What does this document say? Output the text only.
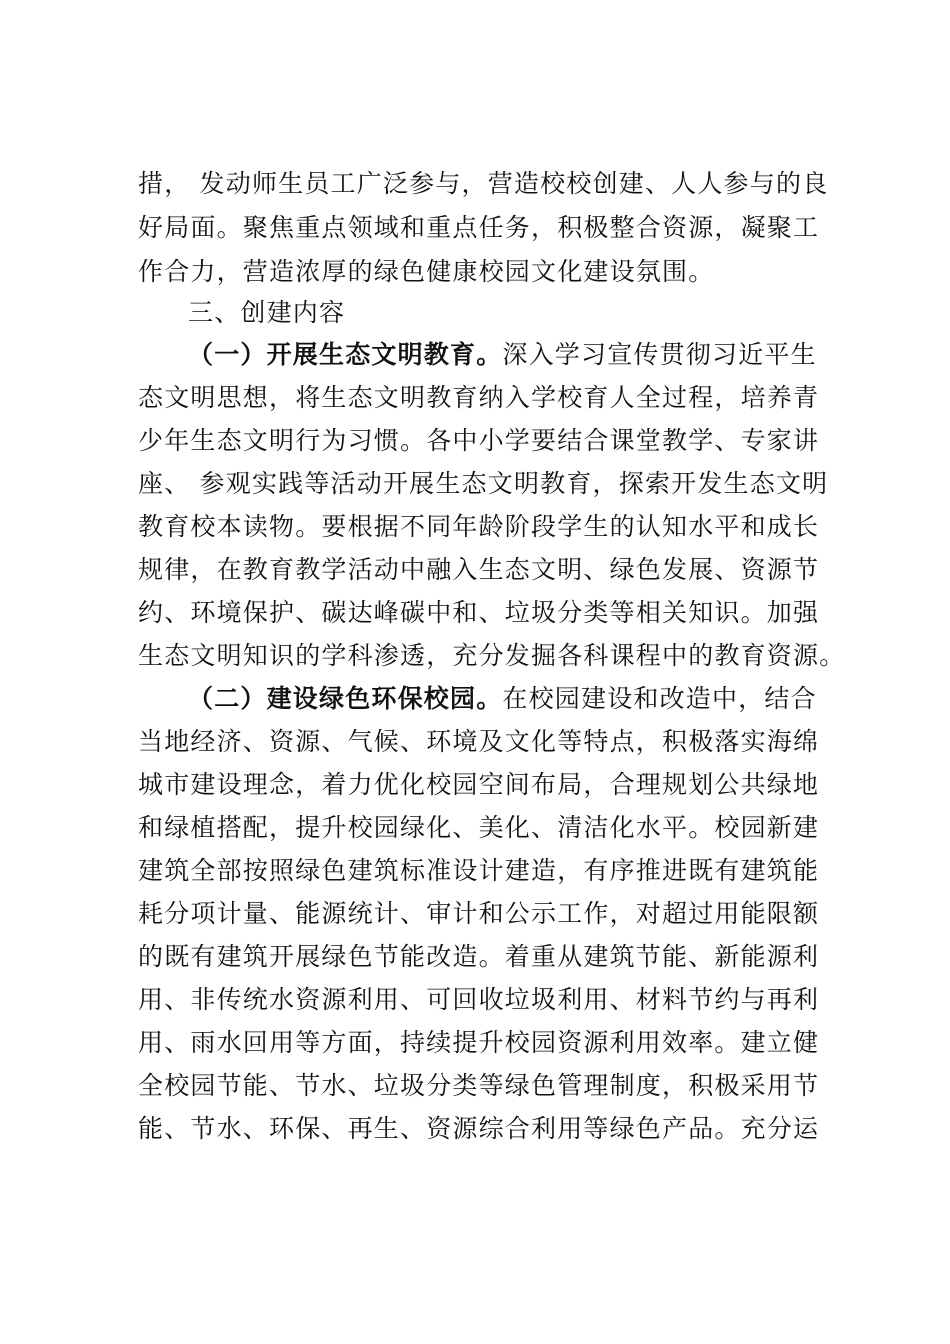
措， 发动师生员工广泛参与，营造校校创建、人人参与的良
好局面。聚焦重点领域和重点任务，积极整合资源，凝聚工
作合力，营造浓厚的绿色健康校园文化建设氛围。
三、创建内容
（一）开展生态文明教育。深入学习宣传贯彻习近平生
态文明思想，将生态文明教育纳入学校育人全过程，培养青
少年生态文明行为习惯。各中小学要结合课堂教学、专家讲
座、 参观实践等活动开展生态文明教育，探索开发生态文明
教育校本读物。要根据不同年龄阶段学生的认知水平和成长
规律，在教育教学活动中融入生态文明、绿色发展、资源节
约、环境保护、碳达峰碳中和、垃圾分类等相关知识。加强
生态文明知识的学科渗透，充分发掘各科课程中的教育资源。
（二）建设绿色环保校园。在校园建设和改造中，结合
当地经济、资源、气候、环境及文化等特点，积极落实海绵
城市建设理念，着力优化校园空间布局，合理规划公共绿地
和绿植搭配，提升校园绿化、美化、清洁化水平。校园新建
建筑全部按照绿色建筑标准设计建造，有序推进既有建筑能
耗分项计量、能源统计、审计和公示工作，对超过用能限额
的既有建筑开展绿色节能改造。着重从建筑节能、新能源利
用、非传统水资源利用、可回收垃圾利用、材料节约与再利
用、雨水回用等方面，持续提升校园资源利用效率。建立健
全校园节能、节水、垃圾分类等绿色管理制度，积极采用节
能、节水、环保、再生、资源综合利用等绿色产品。充分运
